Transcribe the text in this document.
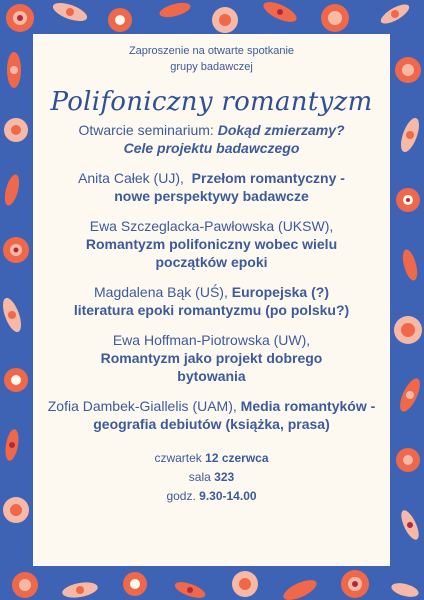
Zaproszenie na otwarte spotkanie
grupy badawczej
Polifoniczny romantyzm
Otwarcie seminarium: Dokąd zmierzamy?
Cele projektu badawczego
Anita Całek (UJ), Przełom romantyczny -
nowe perspektywy badawcze
Ewa Szczeglacka-Pawłowska (UKSW),
Romantyzm polifoniczny wobec wielu
początków epoki
Magdalena Bąk (UŚ), Europejska (?)
literatura epoki romantyzmu (po polsku?)
Ewa Hoffman-Piotrowska (UW),
Romantyzm jako projekt dobrego
bytowania
Zofia Dambek-Giallelis (UAM), Media romantyków - geografia debiutów (książka, prasa)
czwartek 12 czerwca
sala 323
godz. 9.30-14.00
